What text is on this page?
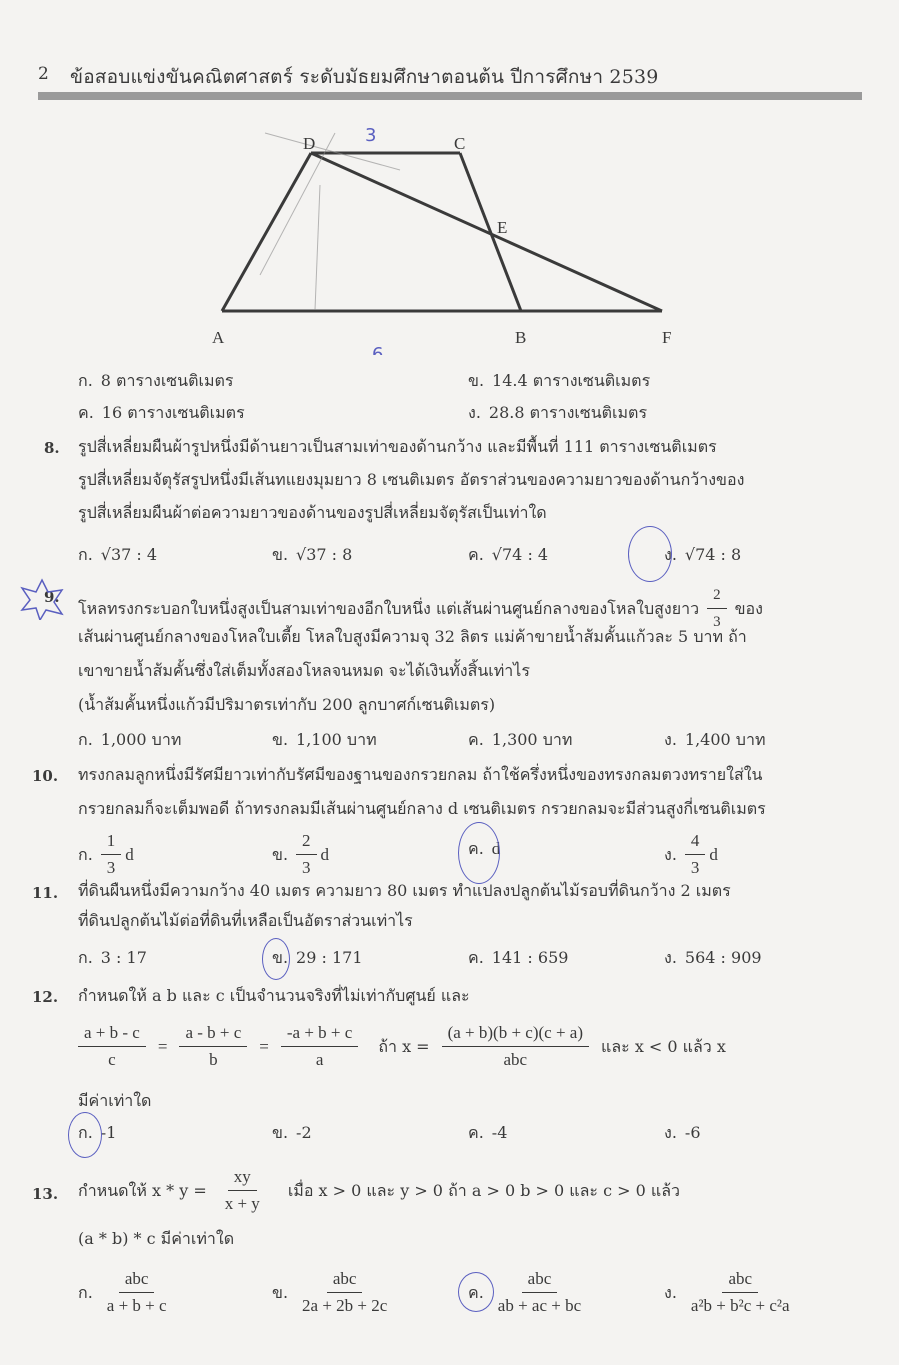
2 ข้อสอบแข่งขันคณิตศาสตร์ ระดับมัธยมศึกษาตอนต้น ปีการศึกษา 2539
D	C
E
A	B	F
3
6
ก. 8 ตารางเซนติเมตร	ข. 14.4 ตารางเซนติเมตร
ค. 16 ตารางเซนติเมตร	ง. 28.8 ตารางเซนติเมตร
8. รูปสี่เหลี่ยมผืนผ้ารูปหนึ่งมีด้านยาวเป็นสามเท่าของด้านกว้าง และมีพื้นที่ 111 ตารางเซนติเมตร
รูปสี่เหลี่ยมจัตุรัสรูปหนึ่งมีเส้นทแยงมุมยาว 8 เซนติเมตร อัตราส่วนของความยาวของด้านกว้างของ
รูปสี่เหลี่ยมผืนผ้าต่อความยาวของด้านของรูปสี่เหลี่ยมจัตุรัสเป็นเท่าใด
ก. √37 : 4	ข. √37 : 8	ค. √74 : 4	ง. √74 : 8
9.
โหลทรงกระบอกใบหนึ่งสูงเป็นสามเท่าของอีกใบหนึ่ง แต่เส้นผ่านศูนย์กลางของโหลใบสูงยาว $\frac{2}{3}$ ของ
เส้นผ่านศูนย์กลางของโหลใบเตี้ย โหลใบสูงมีความจุ 32 ลิตร แม่ค้าขายน้ำส้มคั้นแก้วละ 5 บาท ถ้า
เขาขายน้ำส้มคั้นซึ่งใส่เต็มทั้งสองโหลจนหมด จะได้เงินทั้งสิ้นเท่าไร
(น้ำส้มคั้นหนึ่งแก้วมีปริมาตรเท่ากับ 200 ลูกบาศก์เซนติเมตร)
ก. 1,000 บาท	ข. 1,100 บาท	ค. 1,300 บาท	ง. 1,400 บาท
10. ทรงกลมลูกหนึ่งมีรัศมียาวเท่ากับรัศมีของฐานของกรวยกลม ถ้าใช้ครึ่งหนึ่งของทรงกลมตวงทรายใส่ใน
กรวยกลมก็จะเต็มพอดี ถ้าทรงกลมมีเส้นผ่านศูนย์กลาง d เซนติเมตร กรวยกลมจะมีส่วนสูงกี่เซนติเมตร
ก. $\frac{1}{3}$ d	ข. $\frac{2}{3}$ d	ค. d	ง. $\frac{4}{3}$ d
11. ที่ดินผืนหนึ่งมีความกว้าง 40 เมตร ความยาว 80 เมตร ทำแปลงปลูกต้นไม้รอบที่ดินกว้าง 2 เมตร
ที่ดินปลูกต้นไม้ต่อที่ดินที่เหลือเป็นอัตราส่วนเท่าไร
ก. 3 : 17	ข. 29 : 171	ค. 141 : 659	ง. 564 : 909
12. กำหนดให้ a b และ c เป็นจำนวนจริงที่ไม่เท่ากับศูนย์ และ
$\frac{a + b - c}{c} = \frac{a - b + c}{b} = \frac{-a + b + c}{a}$ ถ้า $x = \frac{(a + b)(b + c)(c + a)}{\text{abc}}$ และ x < 0 แล้ว x
มีค่าเท่าใด
ก. -1	ข. -2	ค. -4	ง. -6
13. กำหนดให้ $x * y = \frac{xy}{x + y}$ เมื่อ x > 0 และ y > 0 ถ้า a > 0 b > 0 และ c > 0 แล้ว
(a * b) * c มีค่าเท่าใด
ก. $\frac{\text{abc}}{a + b + c}$	ข. $\frac{\text{abc}}{2a + 2b + 2c}$	ค. $\frac{\text{abc}}{ab + ac + bc}$	ง. $\frac{\text{abc}}{\text{a²b + b²c + c²a}}$
